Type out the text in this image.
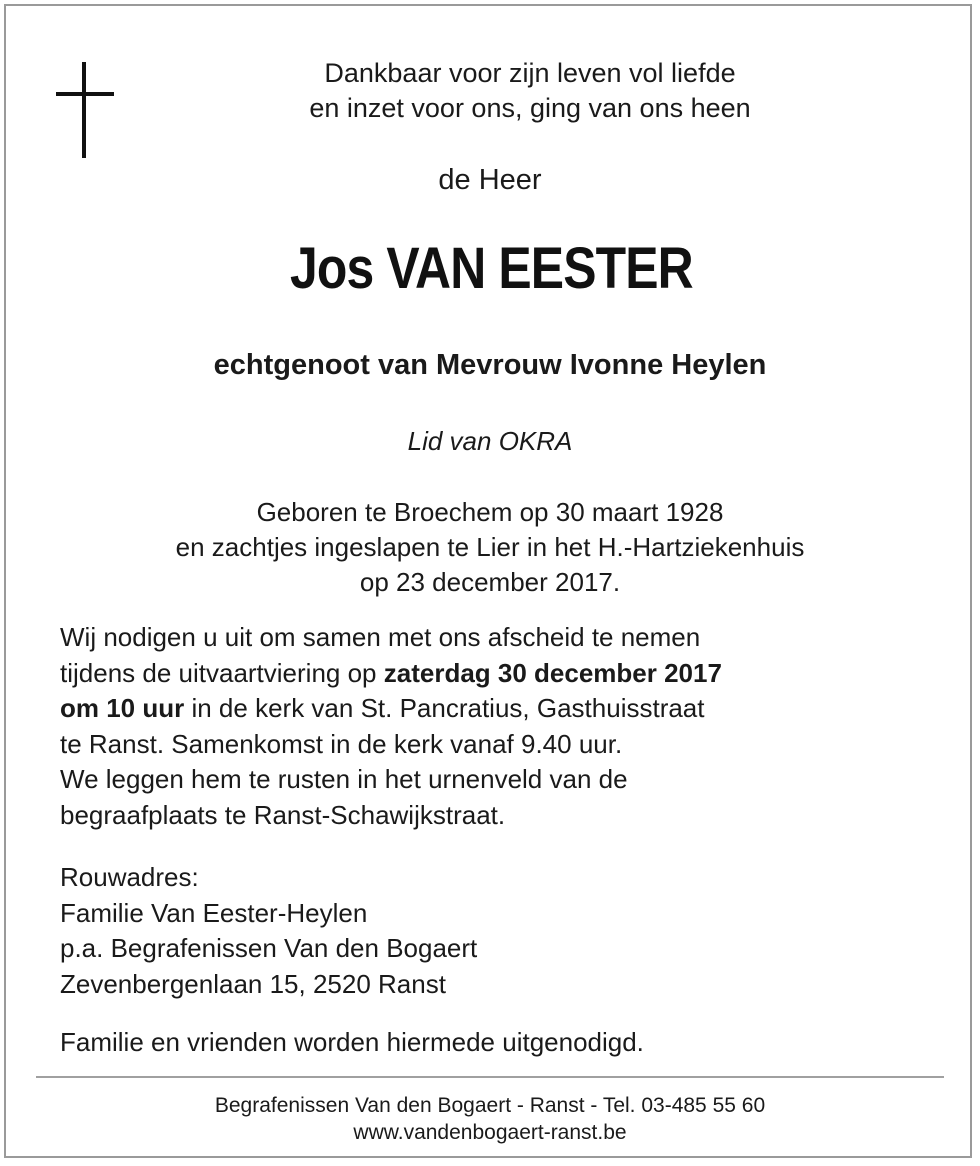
Dankbaar voor zijn leven vol liefde
en inzet voor ons, ging van ons heen
de Heer
Jos VAN EESTER
echtgenoot van Mevrouw Ivonne Heylen
Lid van OKRA
Geboren te Broechem op 30 maart 1928
en zachtjes ingeslapen te Lier in het H.-Hartziekenhuis
op 23 december 2017.
Wij nodigen u uit om samen met ons afscheid te nemen
tijdens de uitvaartviering op zaterdag 30 december 2017
om 10 uur in de kerk van St. Pancratius, Gasthuisstraat
te Ranst. Samenkomst in de kerk vanaf 9.40 uur.
We leggen hem te rusten in het urnenveld van de
begraafplaats te Ranst-Schawijkstraat.
Rouwadres:
Familie Van Eester-Heylen
p.a. Begrafenissen Van den Bogaert
Zevenbergenlaan 15, 2520 Ranst
Familie en vrienden worden hiermede uitgenodigd.
Begrafenissen Van den Bogaert - Ranst - Tel. 03-485 55 60
www.vandenbogaert-ranst.be
